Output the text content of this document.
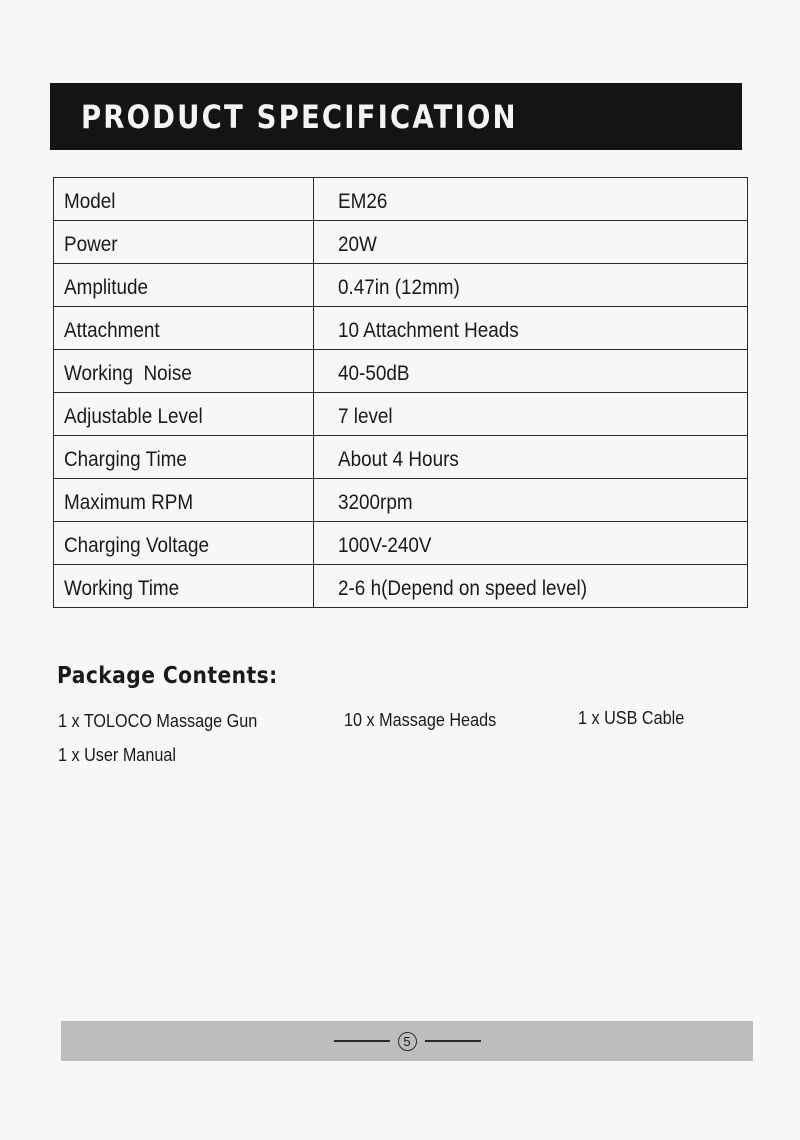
PRODUCT SPECIFICATION
Model	EM26
Power	20W
Amplitude	0.47in (12mm)
Attachment	10 Attachment Heads
Working  Noise	40-50dB
Adjustable Level	7 level
Charging Time	About 4 Hours
Maximum RPM	3200rpm
Charging Voltage	100V-240V
Working Time	2-6 h(Depend on speed level)
Package Contents:
1 x TOLOCO Massage Gun	10 x Massage Heads	1 x USB Cable
1 x User Manual
5
